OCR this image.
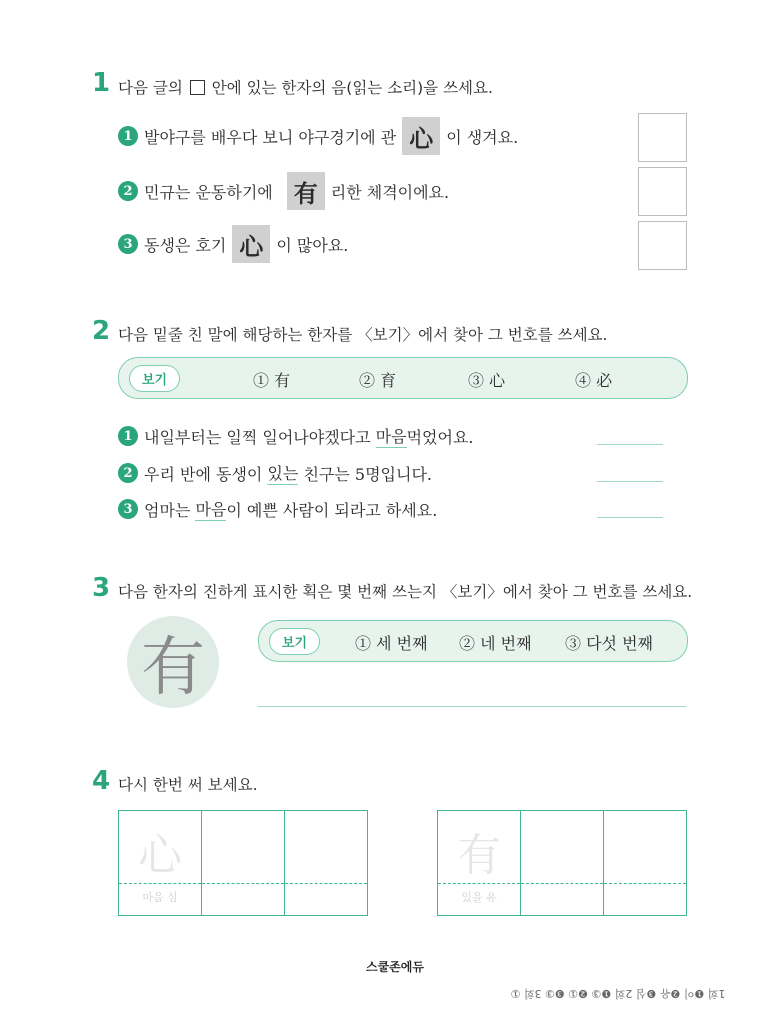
1 다음 글의 안에 있는 한자의 음(읽는 소리)을 쓰세요.
1 발야구를 배우다 보니 야구경기에 관 心 이 생겨요.
2 민규는 운동하기에 有 리한 체격이에요.
3 동생은 호기 心 이 많아요.
2 다음 밑줄 친 말에 해당하는 한자를 〈보기〉에서 찾아 그 번호를 쓰세요.
보기	① 有	② 育	③ 心	④ 必
1 내일부터는 일찍 일어나야겠다고 마음 먹었어요.
2 우리 반에 동생이 있는 친구는 5명입니다.
3 엄마는 마음 이 예쁜 사람이 되라고 하세요.
3 다음 한자의 진하게 표시한 획은 몇 번째 쓰는지 〈보기〉에서 찾아 그 번호를 쓰세요.
有	보기	① 세 번째 ② 네 번째 ③ 다섯 번째
4 다시 한번 써 보세요.
心
마음 심
有
있을 유
스쿨존에듀
1회 ❶이 ❷유 ❸심 2회 ❶③ ❷① ❸③ 3회 ①
